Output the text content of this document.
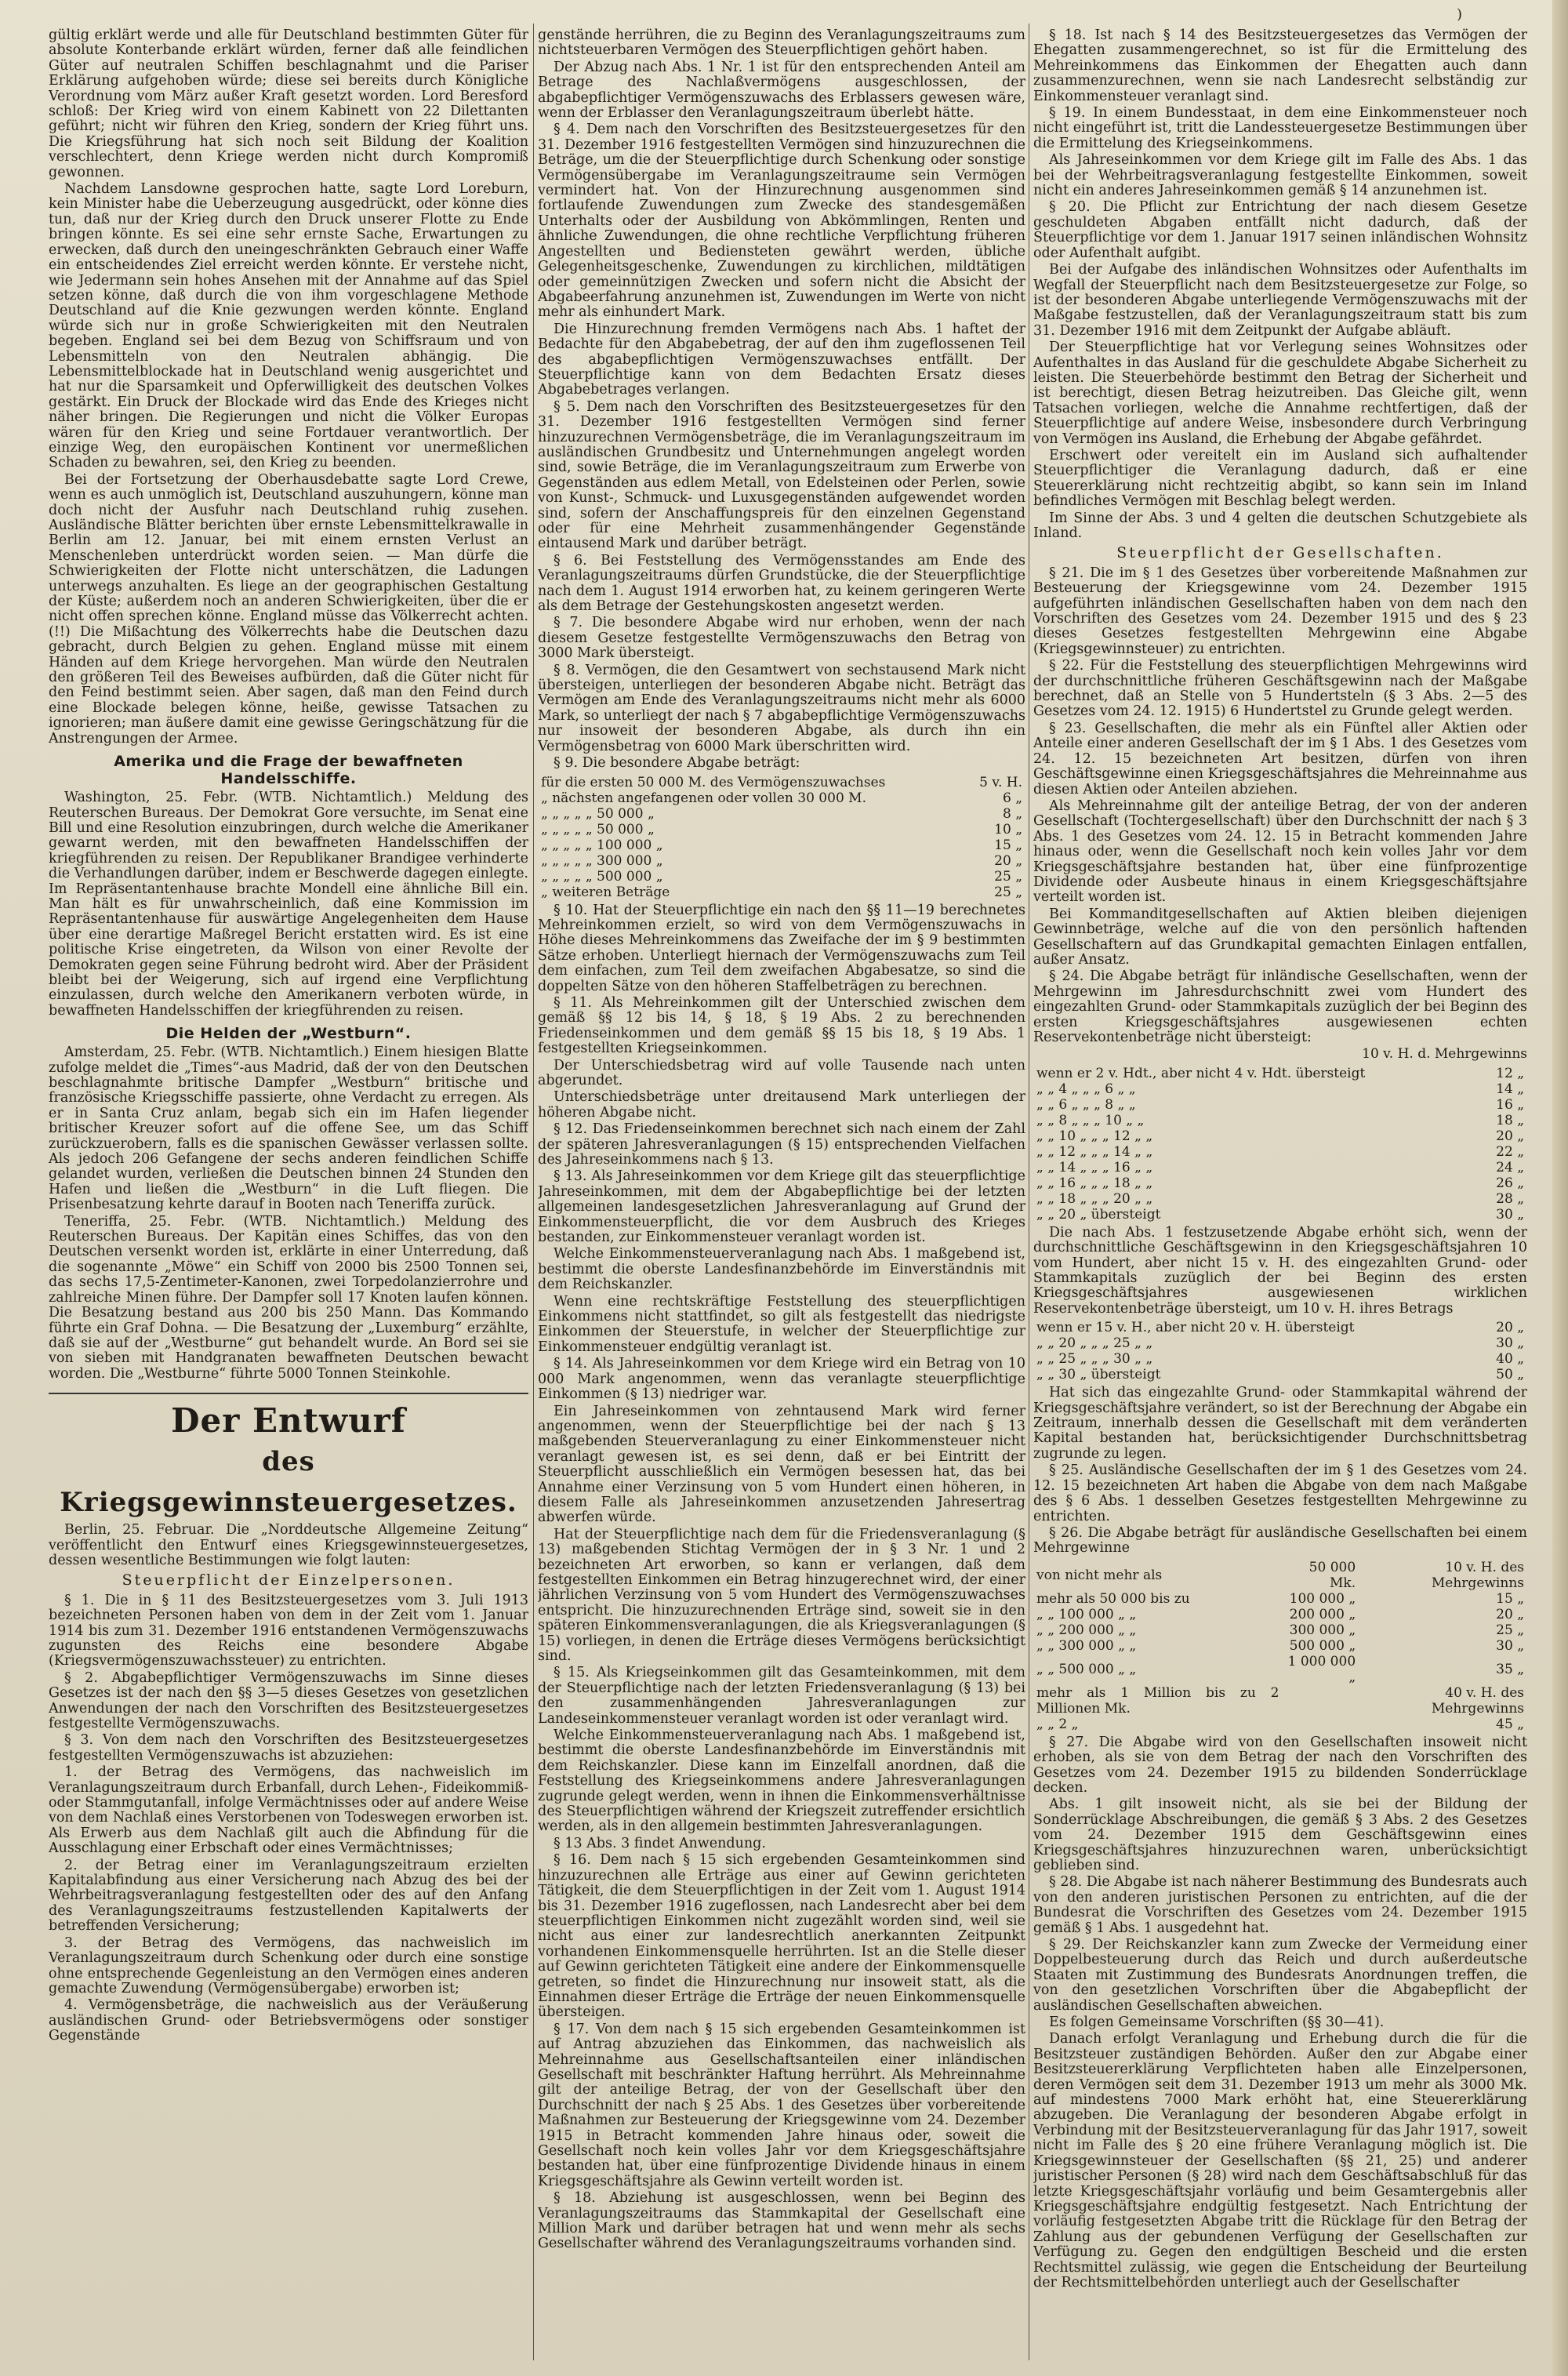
)

gültig erklärt werde und alle für Deutschland bestimmten Güter für absolute Konterbande erklärt würden, ferner daß alle feindlichen Güter auf neutralen Schiffen beschlagnahmt und die Pariser Erklärung aufgehoben würde; diese sei bereits durch Königliche Verordnung vom März außer Kraft gesetzt worden. Lord Beresford schloß: Der Krieg wird von einem Kabinett von 22 Dilettanten geführt; nicht wir führen den Krieg, sondern der Krieg führt uns. Die Kriegsführung hat sich noch seit Bildung der Koalition verschlechtert, denn Kriege werden nicht durch Kompromiß gewonnen.

Nachdem Lansdowne gesprochen hatte, sagte Lord Loreburn, kein Minister habe die Ueberzeugung ausgedrückt, oder könne dies tun, daß nur der Krieg durch den Druck unserer Flotte zu Ende bringen könnte. Es sei eine sehr ernste Sache, Erwartungen zu erwecken, daß durch den uneingeschränkten Gebrauch einer Waffe ein entscheidendes Ziel erreicht werden könnte. Er verstehe nicht, wie Jedermann sein hohes Ansehen mit der Annahme auf das Spiel setzen könne, daß durch die von ihm vorgeschlagene Methode Deutschland auf die Knie gezwungen werden könnte. England würde sich nur in große Schwierigkeiten mit den Neutralen begeben. England sei bei dem Bezug von Schiffsraum und von Lebensmitteln von den Neutralen abhängig. Die Lebensmittelblockade hat in Deutschland wenig ausgerichtet und hat nur die Sparsamkeit und Opferwilligkeit des deutschen Volkes gestärkt. Ein Druck der Blockade wird das Ende des Krieges nicht näher bringen. Die Regierungen und nicht die Völker Europas wären für den Krieg und seine Fortdauer verantwortlich. Der einzige Weg, den europäischen Kontinent vor unermeßlichen Schaden zu bewahren, sei, den Krieg zu beenden.

Bei der Fortsetzung der Oberhausdebatte sagte Lord Crewe, wenn es auch unmöglich ist, Deutschland auszuhungern, könne man doch nicht der Ausfuhr nach Deutschland ruhig zusehen. Ausländische Blätter berichten über ernste Lebensmittelkrawalle in Berlin am 12. Januar, bei mit einem ernsten Verlust an Menschenleben unterdrückt worden seien. — Man dürfe die Schwierigkeiten der Flotte nicht unterschätzen, die Ladungen unterwegs anzuhalten. Es liege an der geographischen Gestaltung der Küste; außerdem noch an anderen Schwierigkeiten, über die er nicht offen sprechen könne. England müsse das Völkerrecht achten. (!!) Die Mißachtung des Völkerrechts habe die Deutschen dazu gebracht, durch Belgien zu gehen. England müsse mit einem Händen auf dem Kriege hervorgehen. Man würde den Neutralen den größeren Teil des Beweises aufbürden, daß die Güter nicht für den Feind bestimmt seien. Aber sagen, daß man den Feind durch eine Blockade belegen könne, heiße, gewisse Tatsachen zu ignorieren; man äußere damit eine gewisse Geringschätzung für die Anstrengungen der Armee.

Amerika und die Frage der bewaffneten Handelsschiffe.

Washington, 25. Febr. (WTB. Nichtamtlich.) Meldung des Reuterschen Bureaus. Der Demokrat Gore versuchte, im Senat eine Bill und eine Resolution einzubringen, durch welche die Amerikaner gewarnt werden, mit den bewaffneten Handelsschiffen der kriegführenden zu reisen. Der Republikaner Brandigee verhinderte die Verhandlungen darüber, indem er Beschwerde dagegen einlegte. Im Repräsentantenhause brachte Mondell eine ähnliche Bill ein. Man hält es für unwahrscheinlich, daß eine Kommission im Repräsentantenhause für auswärtige Angelegenheiten dem Hause über eine derartige Maßregel Bericht erstatten wird. Es ist eine politische Krise eingetreten, da Wilson von einer Revolte der Demokraten gegen seine Führung bedroht wird. Aber der Präsident bleibt bei der Weigerung, sich auf irgend eine Verpflichtung einzulassen, durch welche den Amerikanern verboten würde, in bewaffneten Handelsschiffen der kriegführenden zu reisen.

Die Helden der „Westburn“.

Amsterdam, 25. Febr. (WTB. Nichtamtlich.) Einem hiesigen Blatte zufolge meldet die „Times“-aus Madrid, daß der von den Deutschen beschlagnahmte britische Dampfer „Westburn“ britische und französische Kriegsschiffe passierte, ohne Verdacht zu erregen. Als er in Santa Cruz anlam, begab sich ein im Hafen liegender britischer Kreuzer sofort auf die offene See, um das Schiff zurückzuerobern, falls es die spanischen Gewässer verlassen sollte. Als jedoch 206 Gefangene der sechs anderen feindlichen Schiffe gelandet wurden, verließen die Deutschen binnen 24 Stunden den Hafen und ließen die „Westburn“ in die Luft fliegen. Die Prisenbesatzung kehrte darauf in Booten nach Teneriffa zurück.

Teneriffa, 25. Febr. (WTB. Nichtamtlich.) Meldung des Reuterschen Bureaus. Der Kapitän eines Schiffes, das von den Deutschen versenkt worden ist, erklärte in einer Unterredung, daß die sogenannte „Möwe“ ein Schiff von 2000 bis 2500 Tonnen sei, das sechs 17,5-Zentimeter-Kanonen, zwei Torpedolanzierrohre und zahlreiche Minen führe. Der Dampfer soll 17 Knoten laufen können. Die Besatzung bestand aus 200 bis 250 Mann. Das Kommando führte ein Graf Dohna. — Die Besatzung der „Luxemburg“ erzählte, daß sie auf der „Westburne“ gut behandelt wurde. An Bord sei sie von sieben mit Handgranaten bewaffneten Deutschen bewacht worden. Die „Westburne“ führte 5000 Tonnen Steinkohle.

Der Entwurf
des Kriegsgewinnsteuergesetzes.

Berlin, 25. Februar. Die „Norddeutsche Allgemeine Zeitung“ veröffentlicht den Entwurf eines Kriegsgewinnsteuergesetzes, dessen wesentliche Bestimmungen wie folgt lauten:

Steuerpflicht der Einzelpersonen.

§ 1. Die in § 11 des Besitzsteuergesetzes vom 3. Juli 1913 bezeichneten Personen haben von dem in der Zeit vom 1. Januar 1914 bis zum 31. Dezember 1916 entstandenen Vermögenszuwachs zugunsten des Reichs eine besondere Abgabe (Kriegsvermögenszuwachssteuer) zu entrichten.

§ 2. Abgabepflichtiger Vermögenszuwachs im Sinne dieses Gesetzes ist der nach den §§ 3—5 dieses Gesetzes von gesetzlichen Anwendungen der nach den Vorschriften des Besitzsteuergesetzes festgestellte Vermögenszuwachs.

§ 3. Von dem nach den Vorschriften des Besitzsteuergesetzes festgestellten Vermögenszuwachs ist abzuziehen:

1. der Betrag des Vermögens, das nachweislich im Veranlagungszeitraum durch Erbanfall, durch Lehen-, Fideikommiß- oder Stammgutanfall, infolge Vermächtnisses oder auf andere Weise von dem Nachlaß eines Verstorbenen von Todeswegen erworben ist. Als Erwerb aus dem Nachlaß gilt auch die Abfindung für die Ausschlagung einer Erbschaft oder eines Vermächtnisses;

2. der Betrag einer im Veranlagungszeitraum erzielten Kapitalabfindung aus einer Versicherung nach Abzug des bei der Wehrbeitragsveranlagung festgestellten oder des auf den Anfang des Veranlagungszeitraums festzustellenden Kapitalwerts der betreffenden Versicherung;

3. der Betrag des Vermögens, das nachweislich im Veranlagungszeitraum durch Schenkung oder durch eine sonstige ohne entsprechende Gegenleistung an den Vermögen eines anderen gemachte Zuwendung (Vermögensübergabe) erworben ist;

4. Vermögensbeträge, die nachweislich aus der Veräußerung ausländischen Grund- oder Betriebsvermögens oder sonstiger Gegenstände

genstände herrühren, die zu Beginn des Veranlagungszeitraums zum nichtsteuerbaren Vermögen des Steuerpflichtigen gehört haben.

Der Abzug nach Abs. 1 Nr. 1 ist für den entsprechenden Anteil am Betrage des Nachlaßvermögens ausgeschlossen, der abgabepflichtiger Vermögenszuwachs des Erblassers gewesen wäre, wenn der Erblasser den Veranlagungszeitraum überlebt hätte.

§ 4. Dem nach den Vorschriften des Besitzsteuergesetzes für den 31. Dezember 1916 festgestellten Vermögen sind hinzuzurechnen die Beträge, um die der Steuerpflichtige durch Schenkung oder sonstige Vermögensübergabe im Veranlagungszeitraume sein Vermögen vermindert hat. Von der Hinzurechnung ausgenommen sind fortlaufende Zuwendungen zum Zwecke des standesgemäßen Unterhalts oder der Ausbildung von Abkömmlingen, Renten und ähnliche Zuwendungen, die ohne rechtliche Verpflichtung früheren Angestellten und Bediensteten gewährt werden, übliche Gelegenheitsgeschenke, Zuwendungen zu kirchlichen, mildtätigen oder gemeinnützigen Zwecken und sofern nicht die Absicht der Abgabeerfahrung anzunehmen ist, Zuwendungen im Werte von nicht mehr als einhundert Mark.

Die Hinzurechnung fremden Vermögens nach Abs. 1 haftet der Bedachte für den Abgabebetrag, der auf den ihm zugeflossenen Teil des abgabepflichtigen Vermögenszuwachses entfällt. Der Steuerpflichtige kann von dem Bedachten Ersatz dieses Abgabebetrages verlangen.

§ 5. Dem nach den Vorschriften des Besitzsteuergesetzes für den 31. Dezember 1916 festgestellten Vermögen sind ferner hinzuzurechnen Vermögensbeträge, die im Veranlagungszeitraum im ausländischen Grundbesitz und Unternehmungen angelegt worden sind, sowie Beträge, die im Veranlagungszeitraum zum Erwerbe von Gegenständen aus edlem Metall, von Edelsteinen oder Perlen, sowie von Kunst-, Schmuck- und Luxusgegenständen aufgewendet worden sind, sofern der Anschaffungspreis für den einzelnen Gegenstand oder für eine Mehrheit zusammenhängender Gegenstände eintausend Mark und darüber beträgt.

§ 6. Bei Feststellung des Vermögensstandes am Ende des Veranlagungszeitraums dürfen Grundstücke, die der Steuerpflichtige nach dem 1. August 1914 erworben hat, zu keinem geringeren Werte als dem Betrage der Gestehungskosten angesetzt werden.

§ 7. Die besondere Abgabe wird nur erhoben, wenn der nach diesem Gesetze festgestellte Vermögenszuwachs den Betrag von 3000 Mark übersteigt.

§ 8. Vermögen, die den Gesamtwert von sechstausend Mark nicht übersteigen, unterliegen der besonderen Abgabe nicht. Beträgt das Vermögen am Ende des Veranlagungszeitraums nicht mehr als 6000 Mark, so unterliegt der nach § 7 abgabepflichtige Vermögenszuwachs nur insoweit der besonderen Abgabe, als durch ihn ein Vermögensbetrag von 6000 Mark überschritten wird.

§ 9. Die besondere Abgabe beträgt:

für die ersten 50 000 M. des Vermögenszuwachses	5 v. H.
„ nächsten angefangenen oder vollen 30 000 M.	6 „
„ „ „ „ „ 50 000 „	8 „
„ „ „ „ „ 50 000 „	10 „
„ „ „ „ „ 100 000 „	15 „
„ „ „ „ „ 300 000 „	20 „
„ „ „ „ „ 500 000 „	25 „
„ weiteren Beträge	25 „

§ 10. Hat der Steuerpflichtige ein nach den §§ 11—19 berechnetes Mehreinkommen erzielt, so wird von dem Vermögenszuwachs in Höhe dieses Mehreinkommens das Zweifache der im § 9 bestimmten Sätze erhoben. Unterliegt hiernach der Vermögenszuwachs zum Teil dem einfachen, zum Teil dem zweifachen Abgabesatze, so sind die doppelten Sätze von den höheren Staffelbeträgen zu berechnen.

§ 11. Als Mehreinkommen gilt der Unterschied zwischen dem gemäß §§ 12 bis 14, § 18, § 19 Abs. 2 zu berechnenden Friedenseinkommen und dem gemäß §§ 15 bis 18, § 19 Abs. 1 festgestellten Kriegseinkommen.

Der Unterschiedsbetrag wird auf volle Tausende nach unten abgerundet.

Unterschiedsbeträge unter dreitausend Mark unterliegen der höheren Abgabe nicht.

§ 12. Das Friedenseinkommen berechnet sich nach einem der Zahl der späteren Jahresveranlagungen (§ 15) entsprechenden Vielfachen des Jahreseinkommens nach § 13.

§ 13. Als Jahreseinkommen vor dem Kriege gilt das steuerpflichtige Jahreseinkommen, mit dem der Abgabepflichtige bei der letzten allgemeinen landesgesetzlichen Jahresveranlagung auf Grund der Einkommensteuerpflicht, die vor dem Ausbruch des Krieges bestanden, zur Einkommensteuer veranlagt worden ist.

Welche Einkommensteuerveranlagung nach Abs. 1 maßgebend ist, bestimmt die oberste Landesfinanzbehörde im Einverständnis mit dem Reichskanzler.

Wenn eine rechtskräftige Feststellung des steuerpflichtigen Einkommens nicht stattfindet, so gilt als festgestellt das niedrigste Einkommen der Steuerstufe, in welcher der Steuerpflichtige zur Einkommensteuer endgültig veranlagt ist.

§ 14. Als Jahreseinkommen vor dem Kriege wird ein Betrag von 10 000 Mark angenommen, wenn das veranlagte steuerpflichtige Einkommen (§ 13) niedriger war.

Ein Jahreseinkommen von zehntausend Mark wird ferner angenommen, wenn der Steuerpflichtige bei der nach § 13 maßgebenden Steuerveranlagung zu einer Einkommensteuer nicht veranlagt gewesen ist, es sei denn, daß er bei Eintritt der Steuerpflicht ausschließlich ein Vermögen besessen hat, das bei Annahme einer Verzinsung von 5 vom Hundert einen höheren, in diesem Falle als Jahreseinkommen anzusetzenden Jahresertrag abwerfen würde.

Hat der Steuerpflichtige nach dem für die Friedensveranlagung (§ 13) maßgebenden Stichtag Vermögen der in § 3 Nr. 1 und 2 bezeichneten Art erworben, so kann er verlangen, daß dem festgestellten Einkommen ein Betrag hinzugerechnet wird, der einer jährlichen Verzinsung von 5 vom Hundert des Vermögenszuwachses entspricht. Die hinzuzurechnenden Erträge sind, soweit sie in den späteren Einkommensveranlagungen, die als Kriegsveranlagungen (§ 15) vorliegen, in denen die Erträge dieses Vermögens berücksichtigt sind.

§ 15. Als Kriegseinkommen gilt das Gesamteinkommen, mit dem der Steuerpflichtige nach der letzten Friedensveranlagung (§ 13) bei den zusammenhängenden Jahresveranlagungen zur Landeseinkommensteuer veranlagt worden ist oder veranlagt wird.

Welche Einkommensteuerveranlagung nach Abs. 1 maßgebend ist, bestimmt die oberste Landesfinanzbehörde im Einverständnis mit dem Reichskanzler. Diese kann im Einzelfall anordnen, daß die Feststellung des Kriegseinkommens andere Jahresveranlagungen zugrunde gelegt werden, wenn in ihnen die Einkommensverhältnisse des Steuerpflichtigen während der Kriegszeit zutreffender ersichtlich werden, als in den allgemein bestimmten Jahresveranlagungen.

§ 13 Abs. 3 findet Anwendung.

§ 16. Dem nach § 15 sich ergebenden Gesamteinkommen sind hinzuzurechnen alle Erträge aus einer auf Gewinn gerichteten Tätigkeit, die dem Steuerpflichtigen in der Zeit vom 1. August 1914 bis 31. Dezember 1916 zugeflossen, nach Landesrecht aber bei dem steuerpflichtigen Einkommen nicht zugezählt worden sind, weil sie nicht aus einer zur landesrechtlich anerkannten Zeitpunkt vorhandenen Einkommensquelle herrührten. Ist an die Stelle dieser auf Gewinn gerichteten Tätigkeit eine andere der Einkommensquelle getreten, so findet die Hinzurechnung nur insoweit statt, als die Einnahmen dieser Erträge die Erträge der neuen Einkommensquelle übersteigen.

§ 17. Von dem nach § 15 sich ergebenden Gesamteinkommen ist auf Antrag abzuziehen das Einkommen, das nachweislich als Mehreinnahme aus Gesellschaftsanteilen einer inländischen Gesellschaft mit beschränkter Haftung herrührt. Als Mehreinnahme gilt der anteilige Betrag, der von der Gesellschaft über den Durchschnitt der nach § 25 Abs. 1 des Gesetzes über vorbereitende Maßnahmen zur Besteuerung der Kriegsgewinne vom 24. Dezember 1915 in Betracht kommenden Jahre hinaus oder, soweit die Gesellschaft noch kein volles Jahr vor dem Kriegsgeschäftsjahre bestanden hat, über eine fünfprozentige Dividende hinaus in einem Kriegsgeschäftsjahre als Gewinn verteilt worden ist.

§ 18. Abziehung ist ausgeschlossen, wenn bei Beginn des Veranlagungszeitraums das Stammkapital der Gesellschaft eine Million Mark und darüber betragen hat und wenn mehr als sechs Gesellschafter während des Veranlagungszeitraums vorhanden sind.

§ 18. Ist nach § 14 des Besitzsteuergesetzes das Vermögen der Ehegatten zusammengerechnet, so ist für die Ermittelung des Mehreinkommens das Einkommen der Ehegatten auch dann zusammenzurechnen, wenn sie nach Landesrecht selbständig zur Einkommensteuer veranlagt sind.

§ 19. In einem Bundesstaat, in dem eine Einkommensteuer noch nicht eingeführt ist, tritt die Landessteuergesetze Bestimmungen über die Ermittelung des Kriegseinkommens.

Als Jahreseinkommen vor dem Kriege gilt im Falle des Abs. 1 das bei der Wehrbeitragsveranlagung festgestellte Einkommen, soweit nicht ein anderes Jahreseinkommen gemäß § 14 anzunehmen ist.

§ 20. Die Pflicht zur Entrichtung der nach diesem Gesetze geschuldeten Abgaben entfällt nicht dadurch, daß der Steuerpflichtige vor dem 1. Januar 1917 seinen inländischen Wohnsitz oder Aufenthalt aufgibt.

Bei der Aufgabe des inländischen Wohnsitzes oder Aufenthalts im Wegfall der Steuerpflicht nach dem Besitzsteuergesetze zur Folge, so ist der besonderen Abgabe unterliegende Vermögenszuwachs mit der Maßgabe festzustellen, daß der Veranlagungszeitraum statt bis zum 31. Dezember 1916 mit dem Zeitpunkt der Aufgabe abläuft.

Der Steuerpflichtige hat vor Verlegung seines Wohnsitzes oder Aufenthaltes in das Ausland für die geschuldete Abgabe Sicherheit zu leisten. Die Steuerbehörde bestimmt den Betrag der Sicherheit und ist berechtigt, diesen Betrag heizutreiben. Das Gleiche gilt, wenn Tatsachen vorliegen, welche die Annahme rechtfertigen, daß der Steuerpflichtige auf andere Weise, insbesondere durch Verbringung von Vermögen ins Ausland, die Erhebung der Abgabe gefährdet.

Erschwert oder vereitelt ein im Ausland sich aufhaltender Steuerpflichtiger die Veranlagung dadurch, daß er eine Steuererklärung nicht rechtzeitig abgibt, so kann sein im Inland befindliches Vermögen mit Beschlag belegt werden.

Im Sinne der Abs. 3 und 4 gelten die deutschen Schutzgebiete als Inland.

Steuerpflicht der Gesellschaften.

§ 21. Die im § 1 des Gesetzes über vorbereitende Maßnahmen zur Besteuerung der Kriegsgewinne vom 24. Dezember 1915 aufgeführten inländischen Gesellschaften haben von dem nach den Vorschriften des Gesetzes vom 24. Dezember 1915 und des § 23 dieses Gesetzes festgestellten Mehrgewinn eine Abgabe (Kriegsgewinnsteuer) zu entrichten.

§ 22. Für die Feststellung des steuerpflichtigen Mehrgewinns wird der durchschnittliche früheren Geschäftsgewinn nach der Maßgabe berechnet, daß an Stelle von 5 Hundertsteln (§ 3 Abs. 2—5 des Gesetzes vom 24. 12. 1915) 6 Hundertstel zu Grunde gelegt werden.

§ 23. Gesellschaften, die mehr als ein Fünftel aller Aktien oder Anteile einer anderen Gesellschaft der im § 1 Abs. 1 des Gesetzes vom 24. 12. 15 bezeichneten Art besitzen, dürfen von ihren Geschäftsgewinne einen Kriegsgeschäftsjahres die Mehreinnahme aus diesen Aktien oder Anteilen abziehen.

Als Mehreinnahme gilt der anteilige Betrag, der von der anderen Gesellschaft (Tochtergesellschaft) über den Durchschnitt der nach § 3 Abs. 1 des Gesetzes vom 24. 12. 15 in Betracht kommenden Jahre hinaus oder, wenn die Gesellschaft noch kein volles Jahr vor dem Kriegsgeschäftsjahre bestanden hat, über eine fünfprozentige Dividende oder Ausbeute hinaus in einem Kriegsgeschäftsjahre verteilt worden ist.

Bei Kommanditgesellschaften auf Aktien bleiben diejenigen Gewinnbeträge, welche auf die von den persönlich haftenden Gesellschaftern auf das Grundkapital gemachten Einlagen entfallen, außer Ansatz.

§ 24. Die Abgabe beträgt für inländische Gesellschaften, wenn der Mehrgewinn im Jahresdurchschnitt zwei vom Hundert des eingezahlten Grund- oder Stammkapitals zuzüglich der bei Beginn des ersten Kriegsgeschäftsjahres ausgewiesenen echten Reservekontenbeträge nicht übersteigt:

10 v. H. d. Mehrgewinns
wenn er 2 v. Hdt., aber nicht 4 v. Hdt. übersteigt	12 „
„ „ 4 „ „ „ 6 „ „	14 „
„ „ 6 „ „ „ 8 „ „	16 „
„ „ 8 „ „ „ 10 „ „	18 „
„ „ 10 „ „ „ 12 „ „	20 „
„ „ 12 „ „ „ 14 „ „	22 „
„ „ 14 „ „ „ 16 „ „	24 „
„ „ 16 „ „ „ 18 „ „	26 „
„ „ 18 „ „ „ 20 „ „	28 „
„ „ 20 „ übersteigt	30 „

Die nach Abs. 1 festzusetzende Abgabe erhöht sich, wenn der durchschnittliche Geschäftsgewinn in den Kriegsgeschäftsjahren 10 vom Hundert, aber nicht 15 v. H. des eingezahlten Grund- oder Stammkapitals zuzüglich der bei Beginn des ersten Kriegsgeschäftsjahres ausgewiesenen wirklichen Reservekontenbeträge übersteigt, um 10 v. H. ihres Betrags

wenn er 15 v. H., aber nicht 20 v. H. übersteigt	20 „
„ „ 20 „ „ „ 25 „ „	30 „
„ „ 25 „ „ „ 30 „ „	40 „
„ „ 30 „ übersteigt	50 „

Hat sich das eingezahlte Grund- oder Stammkapital während der Kriegsgeschäftsjahre verändert, so ist der Berechnung der Abgabe ein Zeitraum, innerhalb dessen die Gesellschaft mit dem veränderten Kapital bestanden hat, berücksichtigender Durchschnittsbetrag zugrunde zu legen.

§ 25. Ausländische Gesellschaften der im § 1 des Gesetzes vom 24. 12. 15 bezeichneten Art haben die Abgabe von dem nach Maßgabe des § 6 Abs. 1 desselben Gesetzes festgestellten Mehrgewinne zu entrichten.

§ 26. Die Abgabe beträgt für ausländische Gesellschaften bei einem Mehrgewinne

von nicht mehr als	50 000 Mk.	10 v. H. des Mehrgewinns
mehr als 50 000 bis zu	100 000 „	15 „
„ „ 100 000 „ „	200 000 „	20 „
„ „ 200 000 „ „	300 000 „	25 „
„ „ 300 000 „ „	500 000 „	30 „
„ „ 500 000 „ „	1 000 000 „	35 „
mehr als 1 Million bis zu 2 Millionen Mk.		40 v. H. des Mehrgewinns
„ „ 2 „		45 „

§ 27. Die Abgabe wird von den Gesellschaften insoweit nicht erhoben, als sie von dem Betrag der nach den Vorschriften des Gesetzes vom 24. Dezember 1915 zu bildenden Sonderrücklage decken.

Abs. 1 gilt insoweit nicht, als sie bei der Bildung der Sonderrücklage Abschreibungen, die gemäß § 3 Abs. 2 des Gesetzes vom 24. Dezember 1915 dem Geschäftsgewinn eines Kriegsgeschäftsjahres hinzuzurechnen waren, unberücksichtigt geblieben sind.

§ 28. Die Abgabe ist nach näherer Bestimmung des Bundesrats auch von den anderen juristischen Personen zu entrichten, auf die der Bundesrat die Vorschriften des Gesetzes vom 24. Dezember 1915 gemäß § 1 Abs. 1 ausgedehnt hat.

§ 29. Der Reichskanzler kann zum Zwecke der Vermeidung einer Doppelbesteuerung durch das Reich und durch außerdeutsche Staaten mit Zustimmung des Bundesrats Anordnungen treffen, die von den gesetzlichen Vorschriften über die Abgabepflicht der ausländischen Gesellschaften abweichen.

Es folgen Gemeinsame Vorschriften (§§ 30—41).

Danach erfolgt Veranlagung und Erhebung durch die für die Besitzsteuer zuständigen Behörden. Außer den zur Abgabe einer Besitzsteuererklärung Verpflichteten haben alle Einzelpersonen, deren Vermögen seit dem 31. Dezember 1913 um mehr als 3000 Mk. auf mindestens 7000 Mark erhöht hat, eine Steuererklärung abzugeben. Die Veranlagung der besonderen Abgabe erfolgt in Verbindung mit der Besitzsteuerveranlagung für das Jahr 1917, soweit nicht im Falle des § 20 eine frühere Veranlagung möglich ist. Die Kriegsgewinnsteuer der Gesellschaften (§§ 21, 25) und anderer juristischer Personen (§ 28) wird nach dem Geschäftsabschluß für das letzte Kriegsgeschäftsjahr vorläufig und beim Gesamtergebnis aller Kriegsgeschäftsjahre endgültig festgesetzt. Nach Entrichtung der vorläufig festgesetzten Abgabe tritt die Rücklage für den Betrag der Zahlung aus der gebundenen Verfügung der Gesellschaften zur Verfügung zu. Gegen den endgültigen Bescheid und die ersten Rechtsmittel zulässig, wie gegen die Entscheidung der Beurteilung der Rechtsmittelbehörden unterliegt auch der Gesellschafter
